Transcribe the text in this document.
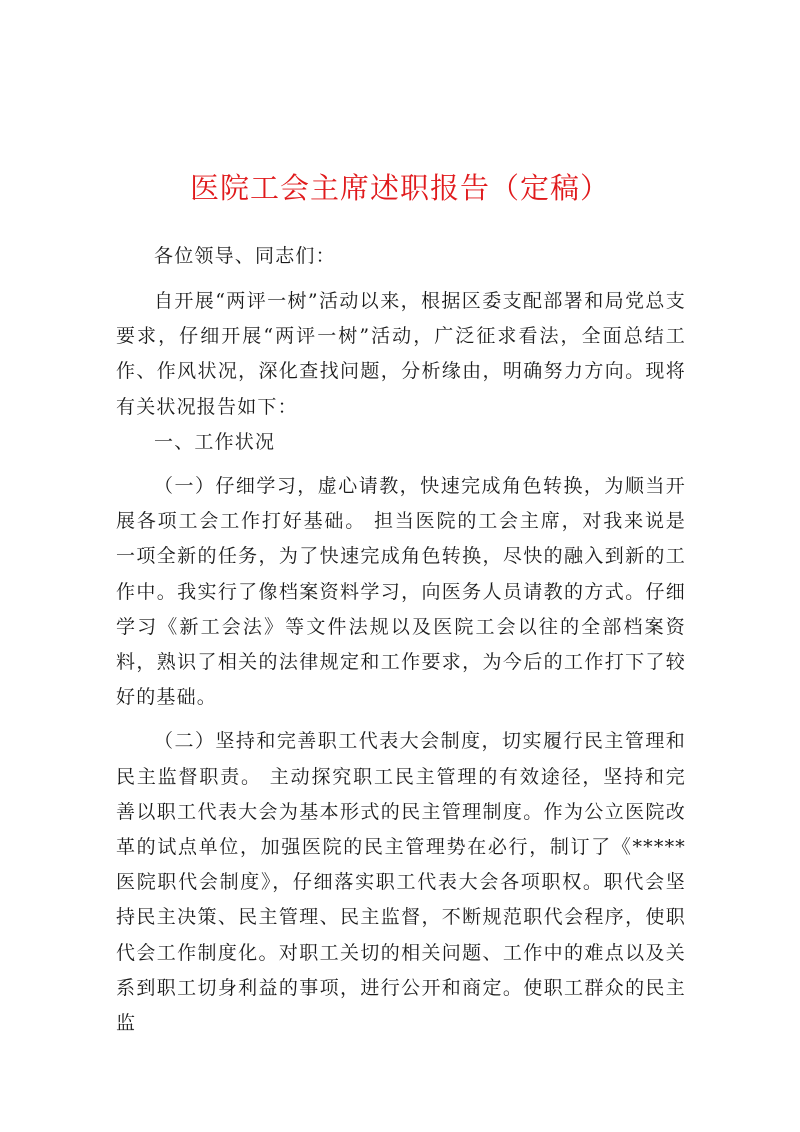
医院工会主席述职报告（定稿）

各位领导、同志们：

自开展“两评一树”活动以来，根据区委支配部署和局党总支要求，仔细开展“两评一树”活动，广泛征求看法，全面总结工作、作风状况，深化查找问题，分析缘由，明确努力方向。现将有关状况报告如下：

一、工作状况

（一）仔细学习，虚心请教，快速完成角色转换，为顺当开展各项工会工作打好基础。 担当医院的工会主席，对我来说是一项全新的任务，为了快速完成角色转换，尽快的融入到新的工作中。我实行了像档案资料学习，向医务人员请教的方式。仔细学习《新工会法》等文件法规以及医院工会以往的全部档案资料，熟识了相关的法律规定和工作要求，为今后的工作打下了较好的基础。

（二）坚持和完善职工代表大会制度，切实履行民主管理和民主监督职责。 主动探究职工民主管理的有效途径，坚持和完善以职工代表大会为基本形式的民主管理制度。作为公立医院改革的试点单位，加强医院的民主管理势在必行，制订了《*****医院职代会制度》，仔细落实职工代表大会各项职权。职代会坚持民主决策、民主管理、民主监督，不断规范职代会程序，使职代会工作制度化。对职工关切的相关问题、工作中的难点以及关系到职工切身利益的事项，进行公开和商定。使职工群众的民主监
